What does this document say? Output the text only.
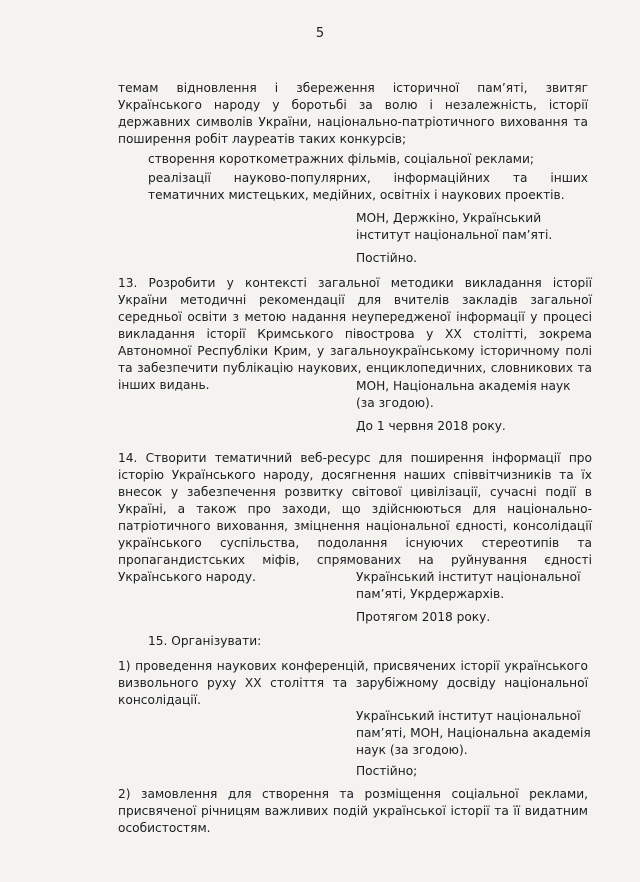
5

темам відновлення і збереження історичної пам’яті, звитяг Українського народу у боротьбі за волю і незалежність, історії державних символів України, національно-патріотичного виховання та поширення робіт лауреатів таких конкурсів;

створення короткометражних фільмів, соціальної реклами;

реалізації науково-популярних, інформаційних та інших тематичних мистецьких, медійних, освітніх і наукових проектів.

МОН, Держкіно, Український інститут національної пам’яті.

Постійно.

13. Розробити у контексті загальної методики викладання історії України методичні рекомендації для вчителів закладів загальної середньої освіти з метою надання неупередженої інформації у процесі викладання історії Кримського півострова у XX столітті, зокрема Автономної Республіки Крим, у загальноукраїнському історичному полі та забезпечити публікацію наукових, енциклопедичних, словникових та інших видань.	МОН, Національна академія наук (за згодою).

До 1 червня 2018 року.

14. Створити тематичний веб-ресурс для поширення інформації про історію Українського народу, досягнення наших співвітчизників та їх внесок у забезпечення розвитку світової цивілізації, сучасні події в Україні, а також про заходи, що здійснюються для національно-патріотичного виховання, зміцнення національної єдності, консолідації українського суспільства, подолання існуючих стереотипів та пропагандистських міфів, спрямованих на руйнування єдності Українського народу.	Український інститут національної пам’яті, Укрдержархів.

Протягом 2018 року.

15. Організувати:

1) проведення наукових конференцій, присвячених історії українського визвольного руху XX століття та зарубіжному досвіду національної консолідації.

Український інститут національної пам’яті, МОН, Національна академія наук (за згодою).

Постійно;

2) замовлення для створення та розміщення соціальної реклами, присвяченої річницям важливих подій української історії та її видатним особистостям.
